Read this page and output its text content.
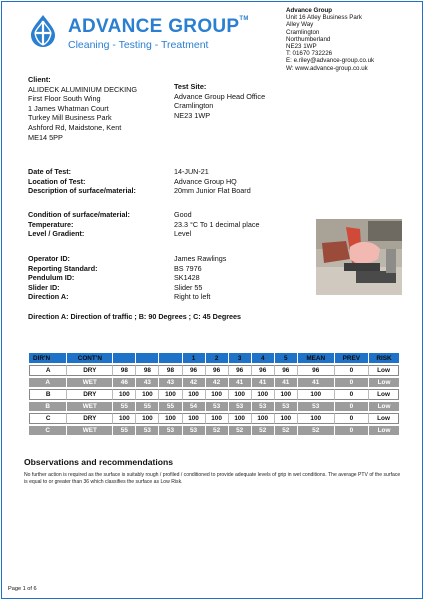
ADVANCE GROUP™
Cleaning - Testing - Treatment
Advance Group
Unit 16 Atley Business Park
Alley Way
Cramlington
Northumberland
NE23 1WP
T: 01670 732226
E: e.riley@advance-group.co.uk
W: www.advance-group.co.uk
Client:
ALIDECK ALUMINIUM DECKING
First Floor South Wing
1 James Whatman Court
Turkey Mill Business Park
Ashford Rd, Maidstone, Kent
ME14 5PP
Test Site:
Advance Group Head Office
Cramlington
NE23 1WP
Date of Test:	14-JUN-21
Location of Test:	Advance Group HQ
Description of surface/material:	20mm Junior Flat Board
Condition of surface/material:	Good
Temperature:	23.3 °C To 1 decimal place
Level / Gradient:	Level
Operator ID:	James Rawlings
Reporting Standard:	BS 7976
Pendulum ID:	SK1428
Slider ID:	Slider 55
Direction A:	Right to left
Direction A: Direction of traffic ; B: 90 Degrees ; C: 45 Degrees
DIR'N	CONT'N				1	2	3	4	5	MEAN	PREV	RISK
A	DRY	98	98	98	96	96	96	96	96	96	0	Low
A	WET	46	43	43	42	42	41	41	41	41	0	Low
B	DRY	100	100	100	100	100	100	100	100	100	0	Low
B	WET	55	55	55	54	53	53	53	53	53	0	Low
C	DRY	100	100	100	100	100	100	100	100	100	0	Low
C	WET	55	53	53	53	52	52	52	52	52	0	Low
Observations and recommendations
No further action is required as the surface is suitably rough / profiled / conditioned to provide adequate levels of grip in wet conditions. The average PTV of the surface is equal to or greater than 36 which classifies the surface as Low Risk.
Page 1 of 6
